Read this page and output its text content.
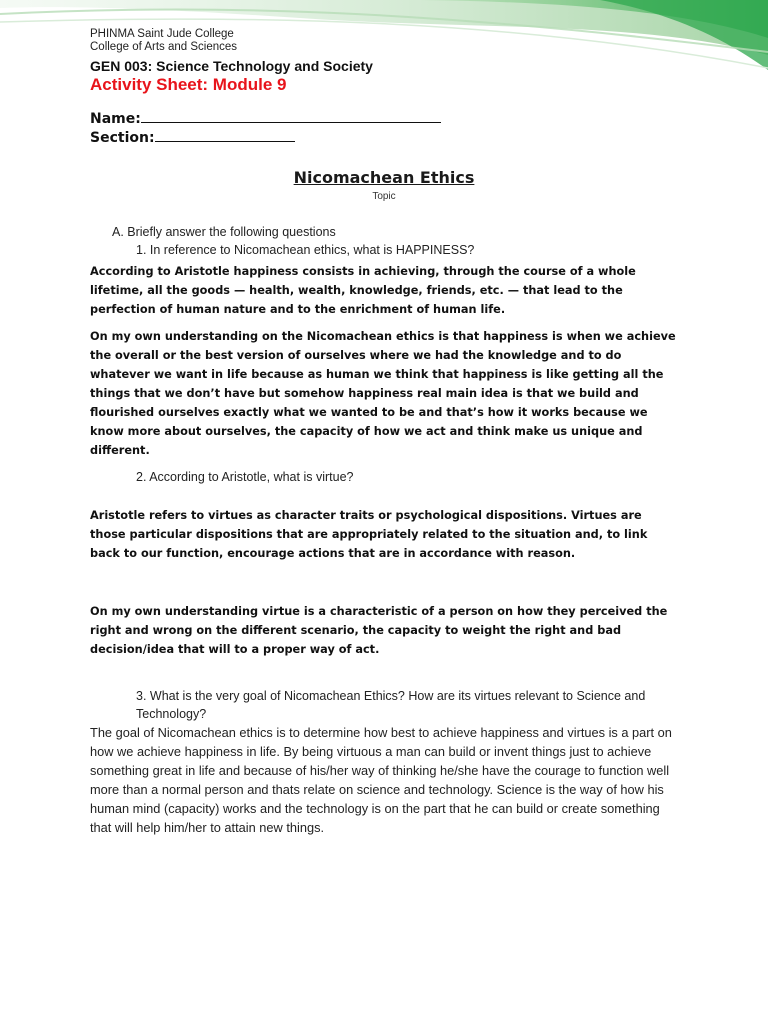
PHINMA Saint Jude College
College of Arts and Sciences
GEN 003: Science Technology and Society
Activity Sheet: Module 9
Name:
Section:
Nicomachean Ethics
Topic
A. Briefly answer the following questions
1. In reference to Nicomachean ethics, what is HAPPINESS?
According to Aristotle happiness consists in achieving, through the course of a whole lifetime, all the goods — health, wealth, knowledge, friends, etc. — that lead to the perfection of human nature and to the enrichment of human life.
On my own understanding on the Nicomachean ethics is that happiness is when we achieve the overall or the best version of ourselves where we had the knowledge and to do whatever we want in life because as human we think that happiness is like getting all the things that we don’t have but somehow happiness real main idea is that we build and flourished ourselves exactly what we wanted to be and that’s how it works because we know more about ourselves, the capacity of how we act and think make us unique and different.
2. According to Aristotle, what is virtue?
Aristotle refers to virtues as character traits or psychological dispositions. Virtues are those particular dispositions that are appropriately related to the situation and, to link back to our function, encourage actions that are in accordance with reason.
On my own understanding virtue is a characteristic of a person on how they perceived the right and wrong on the different scenario, the capacity to weight the right and bad decision/idea that will to a proper way of act.
3. What is the very goal of Nicomachean Ethics? How are its virtues relevant to Science and Technology?
The goal of Nicomachean ethics is to determine how best to achieve happiness and virtues is a part on how we achieve happiness in life. By being virtuous a man can build or invent things just to achieve something great in life and because of his/her way of thinking he/she have the courage to function well more than a normal person and thats relate on science and technology. Science is the way of how his human mind (capacity) works and the technology is on the part that he can build or create something that will help him/her to attain new things.
